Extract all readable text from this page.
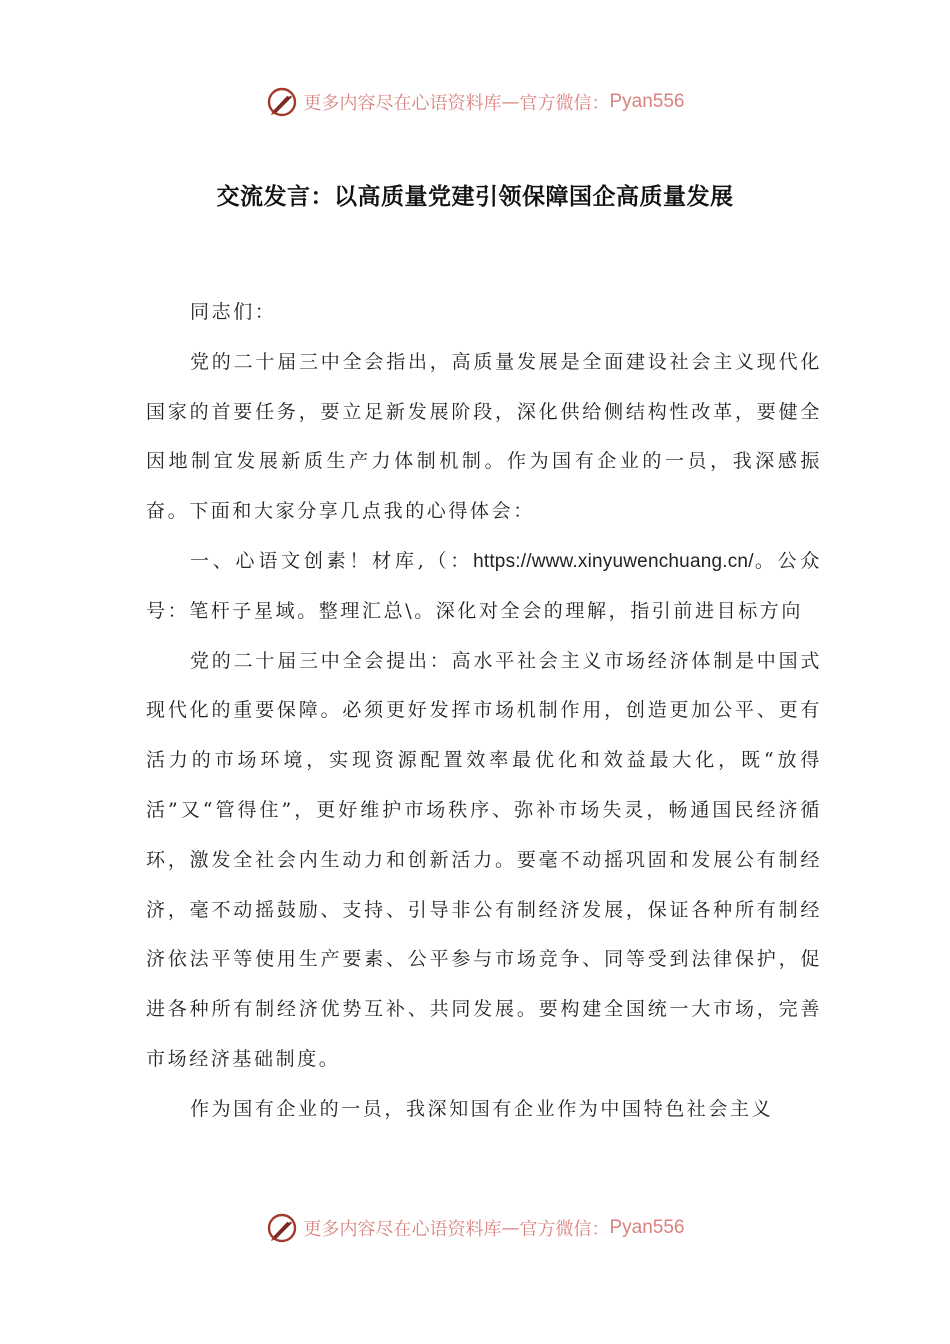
更多内容尽在心语资料库 — 官方微信： Pyan556
交流发言：以高质量党建引领保障国企高质量发展

同志们：

党的二十届三中全会指出，高质量发展是全面建设社会主义现代化国家的首要任务，要立足新发展阶段，深化供给侧结构性改革，要健全因地制宜发展新质生产力体制机制。作为国有企业的一员，我深感振奋。下面和大家分享几点我的心得体会：

一、心语文创素！材库,（：https://www.xinyuwenchuang.cn/。公众号：笔杆子星域。整理汇总\。深化对全会的理解，指引前进目标方向

党的二十届三中全会提出：高水平社会主义市场经济体制是中国式现代化的重要保障。必须更好发挥市场机制作用，创造更加公平、更有活力的市场环境，实现资源配置效率最优化和效益最大化，既“放得活”又“管得住”，更好维护市场秩序、弥补市场失灵，畅通国民经济循环，激发全社会内生动力和创新活力。要毫不动摇巩固和发展公有制经济，毫不动摇鼓励、支持、引导非公有制经济发展，保证各种所有制经济依法平等使用生产要素、公平参与市场竞争、同等受到法律保护，促进各种所有制经济优势互补、共同发展。要构建全国统一大市场，完善市场经济基础制度。

作为国有企业的一员，我深知国有企业作为中国特色社会主义

更多内容尽在心语资料库 — 官方微信： Pyan556
